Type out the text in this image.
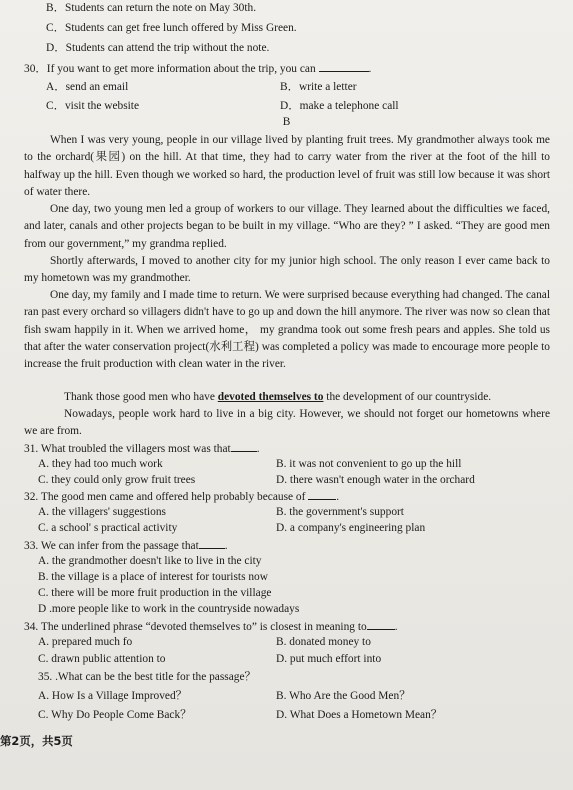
B．Students can return the note on May 30th.
C．Students can get free lunch offered by Miss Green.
D．Students can attend the trip without the note.
30．If you want to get more information about the trip, you can	.
A．send an email	B．write a letter
C．visit the website	D．make a telephone call
B
When I was very young, people in our village lived by planting fruit trees. My grandmother always took me to the orchard(果园) on the hill. At that time, they had to carry water from the river at the foot of the hill to halfway up the hill. Even though we worked so hard, the production level of fruit was still low because it was short of water there.
One day, two young men led a group of workers to our village. They learned about the difficulties we faced, and later, canals and other projects began to be built in my village. “Who are they? ” I asked. “They are good men from our government,” my grandma replied.
Shortly afterwards, I moved to another city for my junior high school. The only reason I ever came back to my hometown was my grandmother.
One day, my family and I made time to return. We were surprised because everything had changed. The canal ran past every orchard so villagers didn't have to go up and down the hill anymore. The river was now so clean that fish swam happily in it. When we arrived home， my grandma took out some fresh pears and apples. She told us that after the water conservation project(水利工程) was completed a policy was made to encourage more people to increase the fruit production with clean water in the river.
Thank those good men who have devoted themselves to the development of our countryside.
Nowadays, people work hard to live in a big city. However, we should not forget our hometowns where we are from.
31. What troubled the villagers most was that .
A. they had too much work	B. it was not convenient to go up the hill
C. they could only grow fruit trees	D. there wasn't enough water in the orchard
32. The good men came and offered help probably because of	.
A. the villagers' suggestions	B. the government's support
C. a school' s practical activity	D. a company's engineering plan
33. We can infer from the passage that .
A. the grandmother doesn't like to live in the city
B. the village is a place of interest for tourists now
C. there will be more fruit production in the village
D .more people like to work in the countryside nowadays
34. The underlined phrase “devoted themselves to” is closest in meaning to .
A. prepared much fo	B. donated money to
C. drawn public attention to	D. put much effort into
35. .What can be the best title for the passage？
A. How Is a Village Improved？	B. Who Are the Good Men？
C. Why Do People Come Back？	D. What Does a Hometown Mean？
第2页，共5页
